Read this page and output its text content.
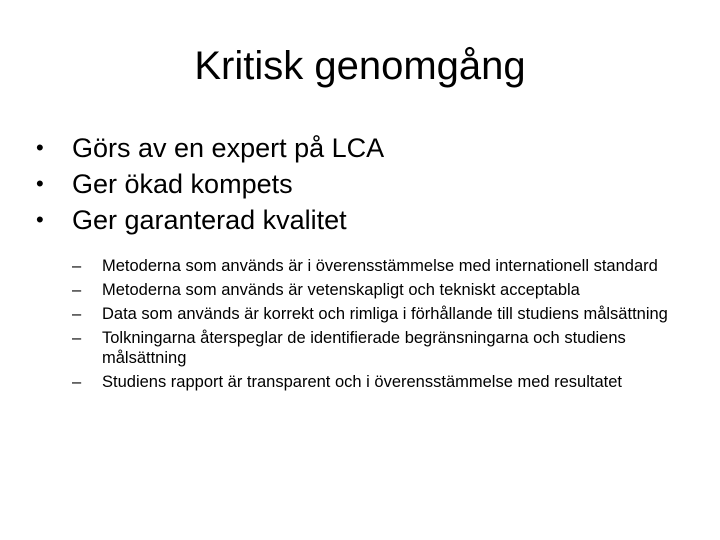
Kritisk genomgång
•	Görs av en expert på LCA
•	Ger ökad kompets
•	Ger garanterad kvalitet
–	Metoderna som används är i överensstämmelse med internationell standard
–	Metoderna som används är vetenskapligt och tekniskt acceptabla
–	Data som används är korrekt och rimliga i förhållande till studiens målsättning
–	Tolkningarna återspeglar de identifierade begränsningarna och studiens målsättning
–	Studiens rapport är transparent och i överensstämmelse med resultatet
